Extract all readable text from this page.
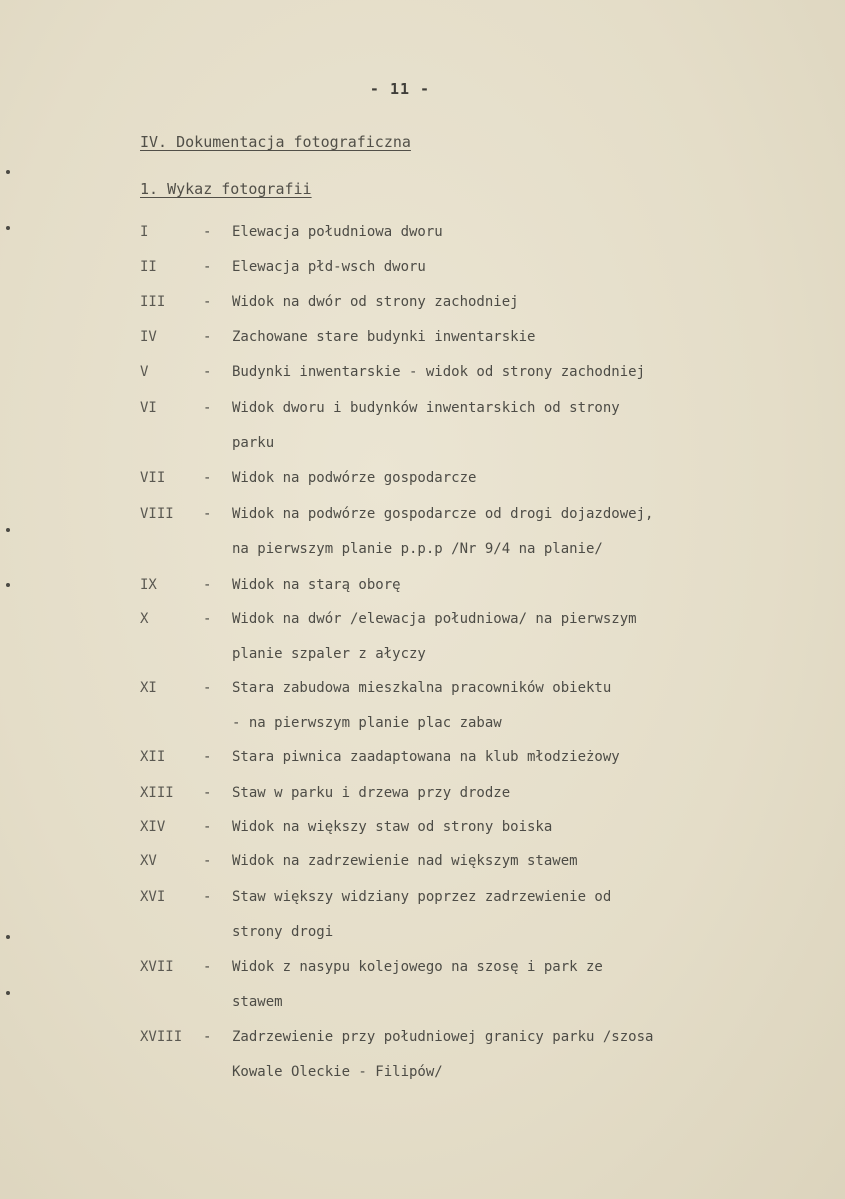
- 11 -
IV. Dokumentacja fotograficzna
1. Wykaz fotografii
I	- Elewacja południowa dworu
II	- Elewacja płd-wsch dworu
III	- Widok na dwór od strony zachodniej
IV	- Zachowane stare budynki inwentarskie
V	- Budynki inwentarskie - widok od strony zachodniej
VI	- Widok dworu i budynków inwentarskich od strony
parku
VII	- Widok na podwórze gospodarcze
VIII - Widok na podwórze gospodarcze od drogi dojazdowej,
na pierwszym planie p.p.p /Nr 9/4 na planie/
IX	- Widok na starą oborę
X	- Widok na dwór /elewacja południowa/ na pierwszym
planie szpaler z ałyczy
XI	- Stara zabudowa mieszkalna pracowników obiektu
- na pierwszym planie plac zabaw
XII	- Stara piwnica zaadaptowana na klub młodzieżowy
XIII - Staw w parku i drzewa przy drodze
XIV	- Widok na większy staw od strony boiska
XV	- Widok na zadrzewienie nad większym stawem
XVI	- Staw większy widziany poprzez zadrzewienie od
strony drogi
XVII - Widok z nasypu kolejowego na szosę i park ze
stawem
XVIII - Zadrzewienie przy południowej granicy parku /szosa
Kowale Oleckie - Filipów/
